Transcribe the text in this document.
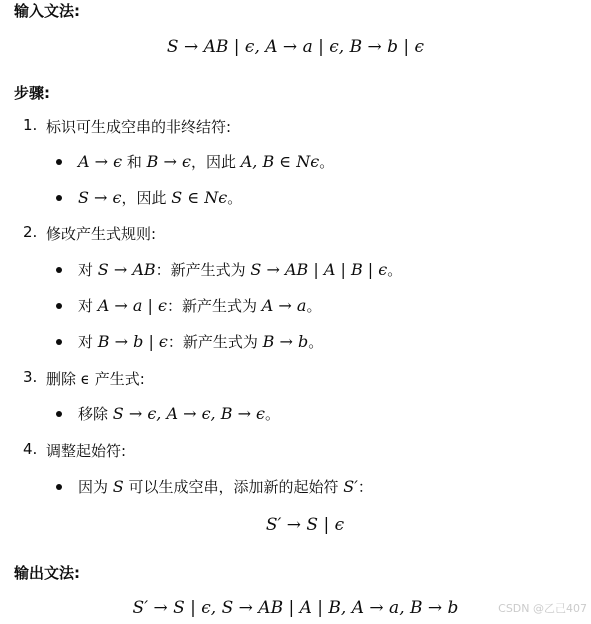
输入文法:
S → AB | ϵ, A → a | ϵ, B → b | ϵ
步骤:
1. 标识可生成空串的非终结符:
A → ϵ 和 B → ϵ，因此 A, B ∈ Nϵ。
S → ϵ，因此 S ∈ Nϵ。
2. 修改产生式规则:
对 S → AB：新产生式为 S → AB | A | B | ϵ。
对 A → a | ϵ：新产生式为 A → a。
对 B → b | ϵ：新产生式为 B → b。
3. 删除 ϵ 产生式:
移除 S → ϵ, A → ϵ, B → ϵ。
4. 调整起始符:
因为 S 可以生成空串，添加新的起始符 S′：
S′ → S | ϵ
输出文法:
S′ → S | ϵ, S → AB | A | B, A → a, B → b	CSDN @乙己407
